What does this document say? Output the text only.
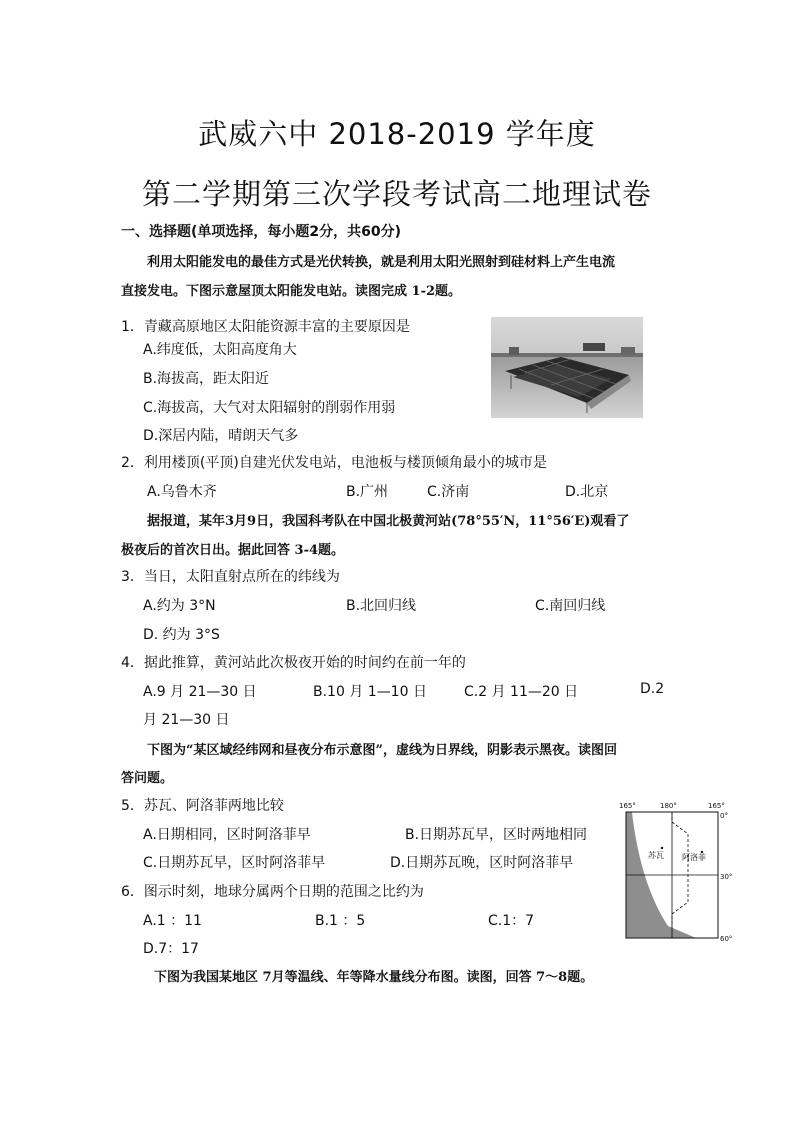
武威六中 2018-2019 学年度
第二学期第三次学段考试高二地理试卷
一、选择题(单项选择，每小题2分，共60分)
利用太阳能发电的最佳方式是光伏转换，就是利用太阳光照射到硅材料上产生电流
直接发电。下图示意屋顶太阳能发电站。读图完成 1-2题。
1．青藏高原地区太阳能资源丰富的主要原因是
A.纬度低，太阳高度角大
B.海拔高，距太阳近
C.海拔高，大气对太阳辐射的削弱作用弱
D.深居内陆，晴朗天气多
2．利用楼顶(平顶)自建光伏发电站，电池板与楼顶倾角最小的城市是
A.乌鲁木齐	B.广州	C.济南	D.北京
据报道，某年3月9日，我国科考队在中国北极黄河站(78°55′N，11°56′E)观看了
极夜后的首次日出。据此回答 3-4题。
3．当日，太阳直射点所在的纬线为
A.约为 3°N	B.北回归线	C.南回归线
D. 约为 3°S
4．据此推算，黄河站此次极夜开始的时间约在前一年的
A.9 月 21—30 日	B.10 月 1—10 日	C.2 月 11—20 日	D.2
月 21—30 日
下图为“某区域经纬网和昼夜分布示意图”，虚线为日界线，阴影表示黑夜。读图回
答问题。
5．苏瓦、阿洛菲两地比较
A.日期相同，区时阿洛菲早	B.日期苏瓦早，区时两地相同
C.日期苏瓦早，区时阿洛菲早	D.日期苏瓦晚，区时阿洛菲早
6．图示时刻，地球分属两个日期的范围之比约为
A.1 ：11	B.1 ：5	C.1：7
D.7：17
165°	180°	165°
0°
30°
60°
苏瓦 阿洛菲
下图为我国某地区 7月等温线、年等降水量线分布图。读图，回答 7～8题。
